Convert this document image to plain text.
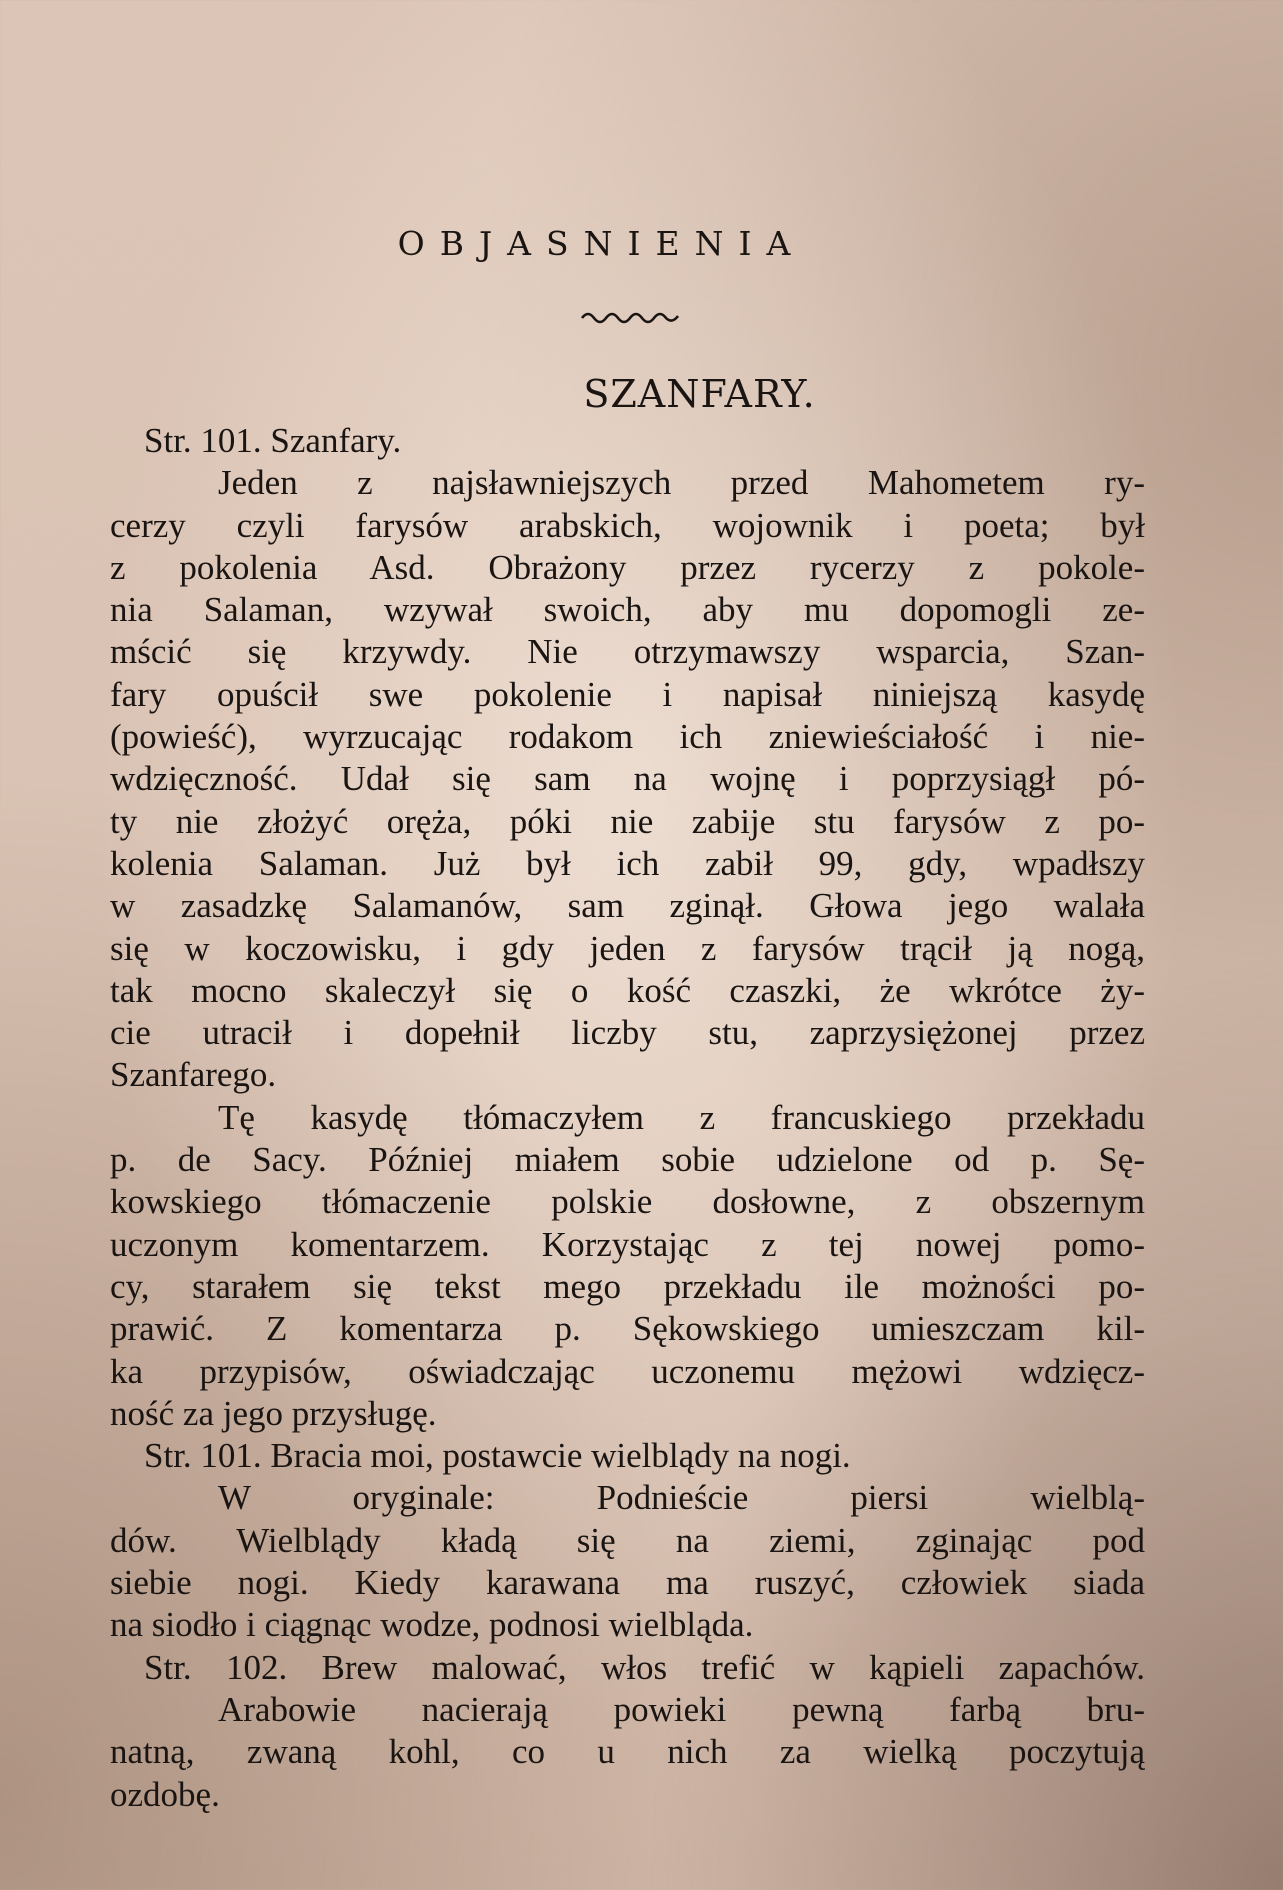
OBJASNIENIA
SZANFARY.
Str. 101. Szanfary.
Jeden z najsławniejszych przed Mahometem ry-
cerzy czyli farysów arabskich, wojownik i poeta; był
z pokolenia Asd. Obrażony przez rycerzy z pokole-
nia Salaman, wzywał swoich, aby mu dopomogli ze-
mścić się krzywdy. Nie otrzymawszy wsparcia, Szan-
fary opuścił swe pokolenie i napisał niniejszą kasydę
(powieść), wyrzucając rodakom ich zniewieściałość i nie-
wdzięczność. Udał się sam na wojnę i poprzysiągł pó-
ty nie złożyć oręża, póki nie zabije stu farysów z po-
kolenia Salaman. Już był ich zabił 99, gdy, wpadłszy
w zasadzkę Salamanów, sam zginął. Głowa jego walała
się w koczowisku, i gdy jeden z farysów trącił ją nogą,
tak mocno skaleczył się o kość czaszki, że wkrótce ży-
cie utracił i dopełnił liczby stu, zaprzysiężonej przez
Szanfarego.
Tę kasydę tłómaczyłem z francuskiego przekładu
p. de Sacy. Później miałem sobie udzielone od p. Sę-
kowskiego tłómaczenie polskie dosłowne, z obszernym
uczonym komentarzem. Korzystając z tej nowej pomo-
cy, starałem się tekst mego przekładu ile możności po-
prawić. Z komentarza p. Sękowskiego umieszczam kil-
ka przypisów, oświadczając uczonemu mężowi wdzięcz-
ność za jego przysługę.
Str. 101. Bracia moi, postawcie wielblądy na nogi.
W oryginale: Podnieście piersi wielblą-
dów. Wielblądy kładą się na ziemi, zginając pod
siebie nogi. Kiedy karawana ma ruszyć, człowiek siada
na siodło i ciągnąc wodze, podnosi wielbląda.
Str. 102. Brew malować, włos trefić w kąpieli zapachów.
Arabowie nacierają powieki pewną farbą bru-
natną, zwaną kohl, co u nich za wielką poczytują
ozdobę.
